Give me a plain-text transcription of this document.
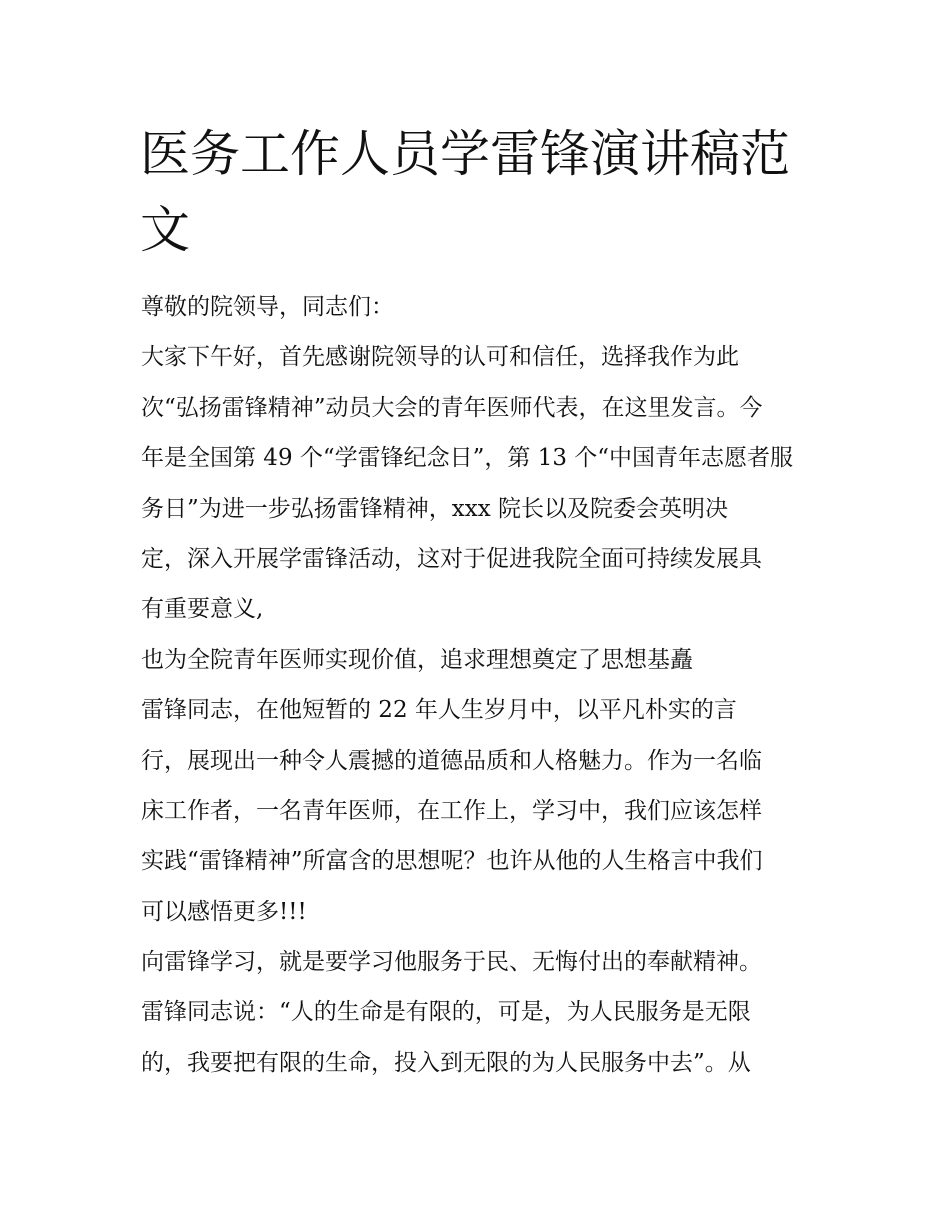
医务工作人员学雷锋演讲稿范
文
尊敬的院领导，同志们：
大家下午好，首先感谢院领导的认可和信任，选择我作为此
次“弘扬雷锋精神”动员大会的青年医师代表，在这里发言。今
年是全国第 49 个“学雷锋纪念日”，第 13 个“中国青年志愿者服
务日”为进一步弘扬雷锋精神，xxx 院长以及院委会英明决
定，深入开展学雷锋活动，这对于促进我院全面可持续发展具
有重要意义,
也为全院青年医师实现价值，追求理想奠定了思想基矗
雷锋同志，在他短暂的 22 年人生岁月中，以平凡朴实的言
行，展现出一种令人震撼的道德品质和人格魅力。作为一名临
床工作者，一名青年医师，在工作上，学习中，我们应该怎样
实践“雷锋精神”所富含的思想呢？也许从他的人生格言中我们
可以感悟更多!!!
向雷锋学习，就是要学习他服务于民、无悔付出的奉献精神。
雷锋同志说：“人的生命是有限的，可是，为人民服务是无限
的，我要把有限的生命，投入到无限的为人民服务中去”。从
